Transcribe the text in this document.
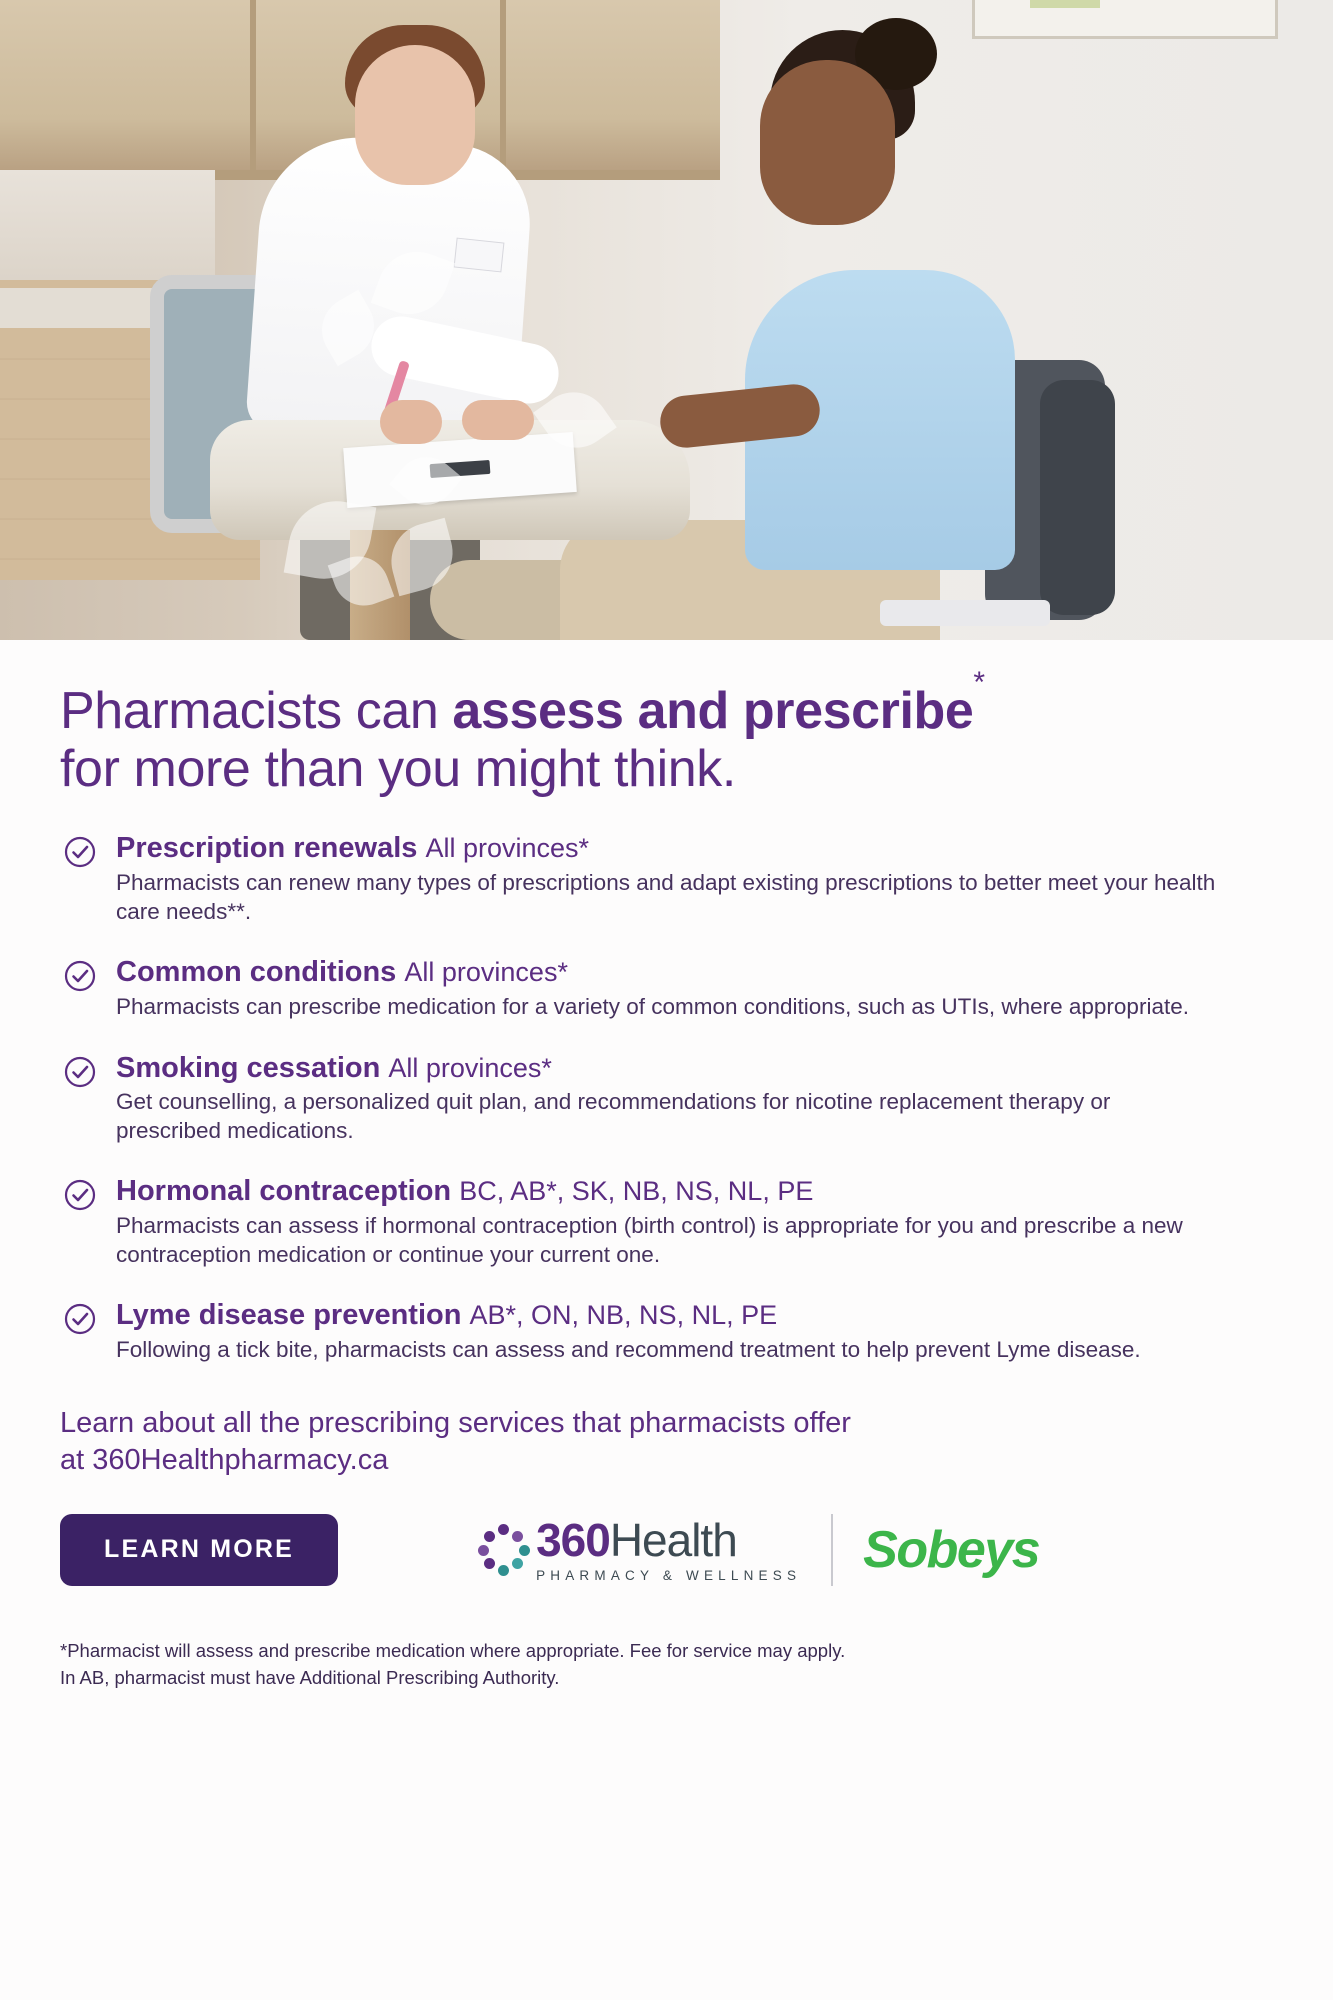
Pharmacists can assess and prescribe*
for more than you might think.

Prescription renewals All provinces*

Pharmacists can renew many types of prescriptions and adapt existing prescriptions to better meet your health care needs**.

Common conditions All provinces*

Pharmacists can prescribe medication for a variety of common conditions, such as UTIs, where appropriate.

Smoking cessation All provinces*

Get counselling, a personalized quit plan, and recommendations for nicotine replacement therapy or prescribed medications.

Hormonal contraception BC, AB*, SK, NB, NS, NL, PE

Pharmacists can assess if hormonal contraception (birth control) is appropriate for you and prescribe a new contraception medication or continue your current one.

Lyme disease prevention AB*, ON, NB, NS, NL, PE

Following a tick bite, pharmacists can assess and recommend treatment to help prevent Lyme disease.

Learn about all the prescribing services that pharmacists offer
at 360Healthpharmacy.ca

LEARN MORE	360Health
PHARMACY & WELLNESS Sobeys

*Pharmacist will assess and prescribe medication where appropriate. Fee for service may apply.
In AB, pharmacist must have Additional Prescribing Authority.
